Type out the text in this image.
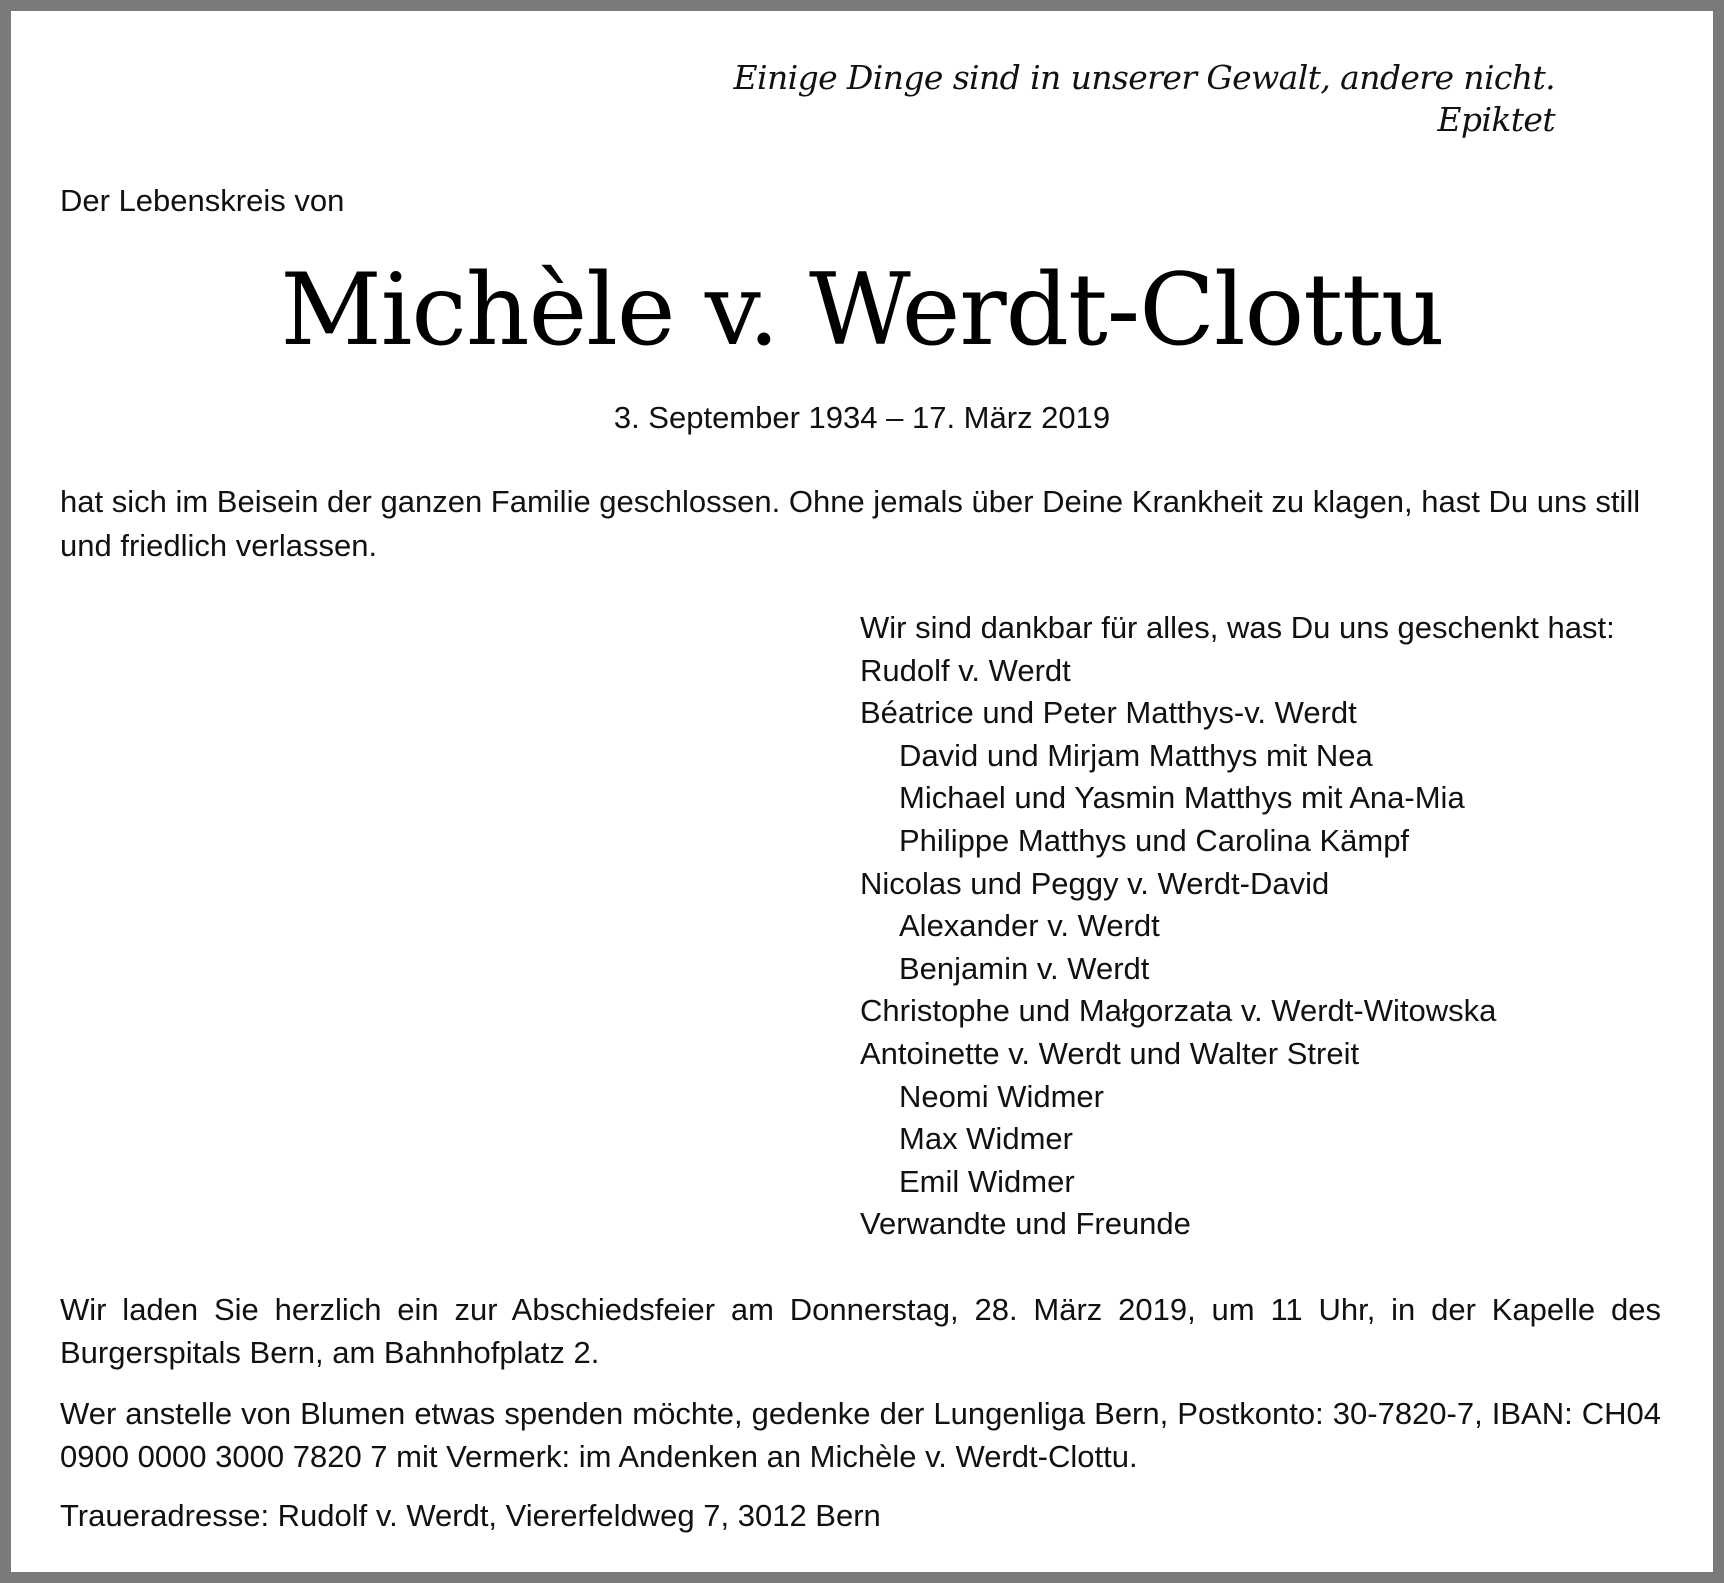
Einige Dinge sind in unserer Gewalt, andere nicht.
Epiktet
Der Lebenskreis von
Michèle v. Werdt-Clottu
3. September 1934 – 17. März 2019
hat sich im Beisein der ganzen Familie geschlossen. Ohne jemals über Deine Krankheit zu klagen, hast Du uns still und friedlich verlassen.
Wir sind dankbar für alles, was Du uns geschenkt hast:
Rudolf v. Werdt
Béatrice und Peter Matthys-v. Werdt
David und Mirjam Matthys mit Nea
Michael und Yasmin Matthys mit Ana-Mia
Philippe Matthys und Carolina Kämpf
Nicolas und Peggy v. Werdt-David
Alexander v. Werdt
Benjamin v. Werdt
Christophe und Małgorzata v. Werdt-Witowska
Antoinette v. Werdt und Walter Streit
Neomi Widmer
Max Widmer
Emil Widmer
Verwandte und Freunde
Wir laden Sie herzlich ein zur Abschiedsfeier am Donnerstag, 28. März 2019, um 11 Uhr, in der Kapelle des Burgerspitals Bern, am Bahnhofplatz 2.
Wer anstelle von Blumen etwas spenden möchte, gedenke der Lungenliga Bern, Postkonto: 30-7820-7, IBAN: CH04 0900 0000 3000 7820 7 mit Vermerk: im Andenken an Michèle v. Werdt-Clottu.
Traueradresse: Rudolf v. Werdt, Viererfeldweg 7, 3012 Bern
